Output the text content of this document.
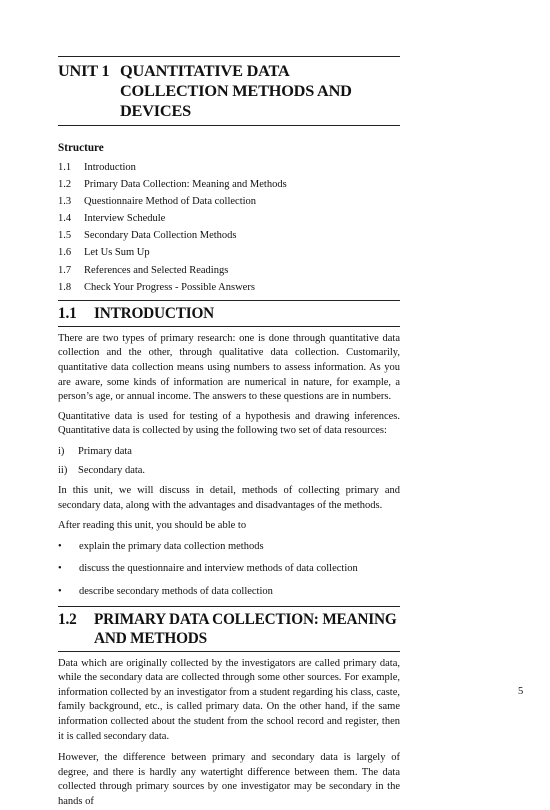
UNIT 1 QUANTITATIVE DATA COLLECTION METHODS AND DEVICES
Structure
1.1	Introduction
1.2	Primary Data Collection: Meaning and Methods
1.3	Questionnaire Method of Data collection
1.4	Interview Schedule
1.5	Secondary Data Collection Methods
1.6	Let Us Sum Up
1.7	References and Selected Readings
1.8	Check Your Progress - Possible Answers
1.1	INTRODUCTION

There are two types of primary research: one is done through quantitative data collection and the other, through qualitative data collection. Customarily, quantitative data collection means using numbers to assess information. As you are aware, some kinds of information are numerical in nature, for example, a person’s age, or annual income. The answers to these questions are in numbers.

Quantitative data is used for testing of a hypothesis and drawing inferences. Quantitative data is collected by using the following two set of data resources:

i)	Primary data
ii)	Secondary data.

In this unit, we will discuss in detail, methods of collecting primary and secondary data, along with the advantages and disadvantages of the methods.

After reading this unit, you should be able to

•	explain the primary data collection methods
•	discuss the questionnaire and interview methods of data collection
•	describe secondary methods of data collection
1.2	PRIMARY DATA COLLECTION: MEANING AND METHODS

Data which are originally collected by the investigators are called primary data, while the secondary data are collected through some other sources. For example, information collected by an investigator from a student regarding his class, caste, family background, etc., is called primary data. On the other hand, if the same information collected about the student from the school record and register, then it is called secondary data.

However, the difference between primary and secondary data is largely of degree, and there is hardly any watertight difference between them. The data collected through primary sources by one investigator may be secondary in the hands of

5
